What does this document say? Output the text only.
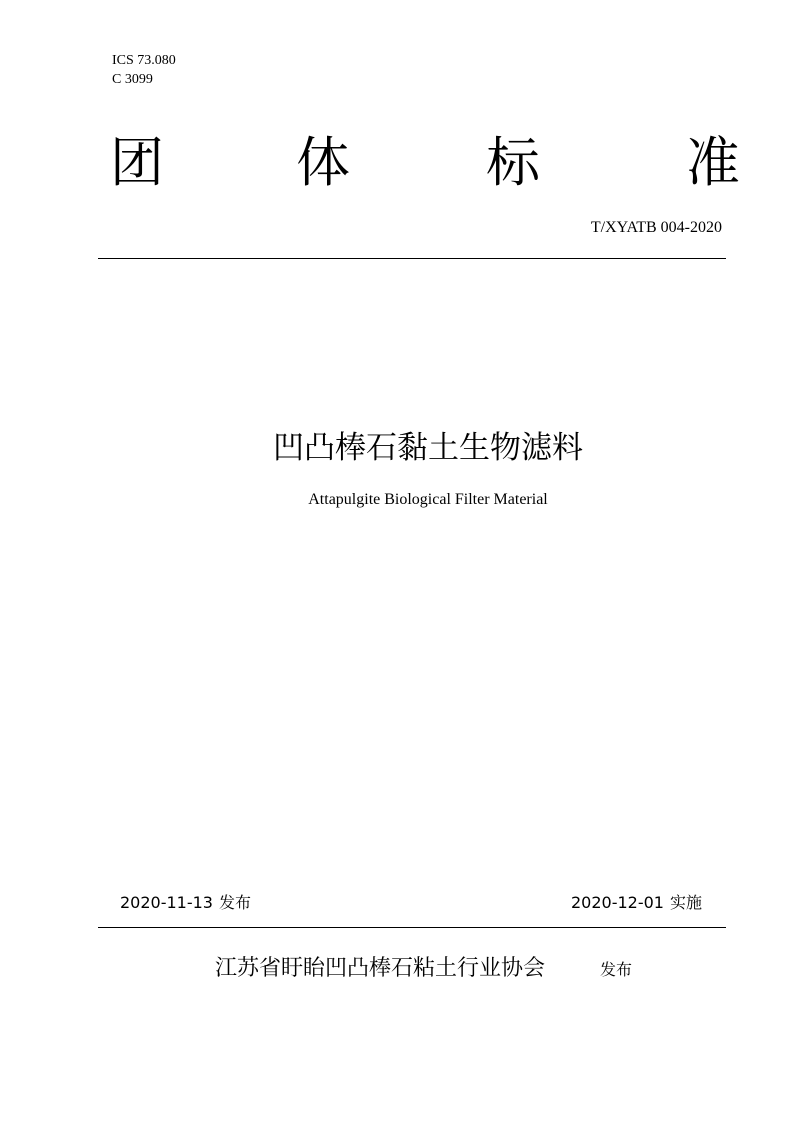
ICS 73.080
C 3099
团 体	标	准
T/XYATB 004-2020
凹凸棒石黏土生物滤料
Attapulgite Biological Filter Material
2020-11-13 发布	2020-12-01 实施
江苏省盱眙凹凸棒石粘土行业协会	发布
